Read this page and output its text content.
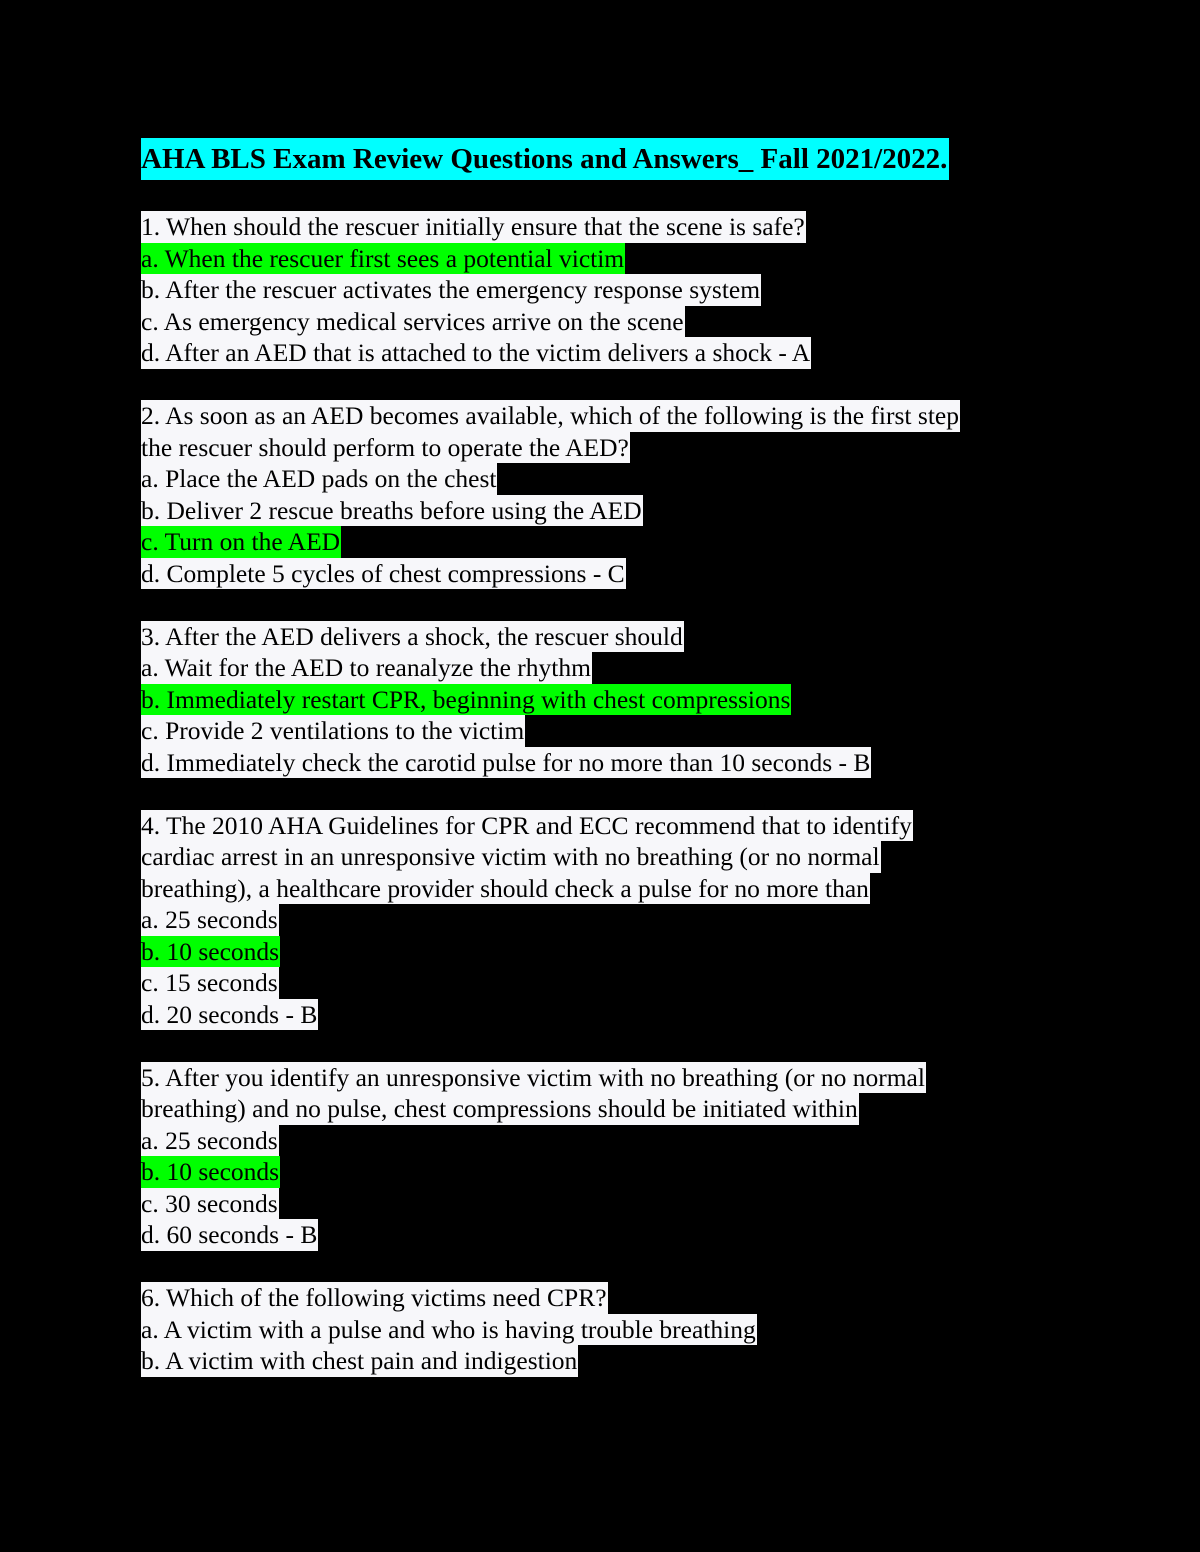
AHA BLS Exam Review Questions and Answers_ Fall 2021/2022.
1. When should the rescuer initially ensure that the scene is safe?
a. When the rescuer first sees a potential victim
b. After the rescuer activates the emergency response system
c. As emergency medical services arrive on the scene
d. After an AED that is attached to the victim delivers a shock - A
2. As soon as an AED becomes available, which of the following is the first step
the rescuer should perform to operate the AED?
a. Place the AED pads on the chest
b. Deliver 2 rescue breaths before using the AED
c. Turn on the AED
d. Complete 5 cycles of chest compressions - C
3. After the AED delivers a shock, the rescuer should
a. Wait for the AED to reanalyze the rhythm
b. Immediately restart CPR, beginning with chest compressions
c. Provide 2 ventilations to the victim
d. Immediately check the carotid pulse for no more than 10 seconds - B
4. The 2010 AHA Guidelines for CPR and ECC recommend that to identify
cardiac arrest in an unresponsive victim with no breathing (or no normal
breathing), a healthcare provider should check a pulse for no more than
a. 25 seconds
b. 10 seconds
c. 15 seconds
d. 20 seconds - B
5. After you identify an unresponsive victim with no breathing (or no normal
breathing) and no pulse, chest compressions should be initiated within
a. 25 seconds
b. 10 seconds
c. 30 seconds
d. 60 seconds - B
6. Which of the following victims need CPR?
a. A victim with a pulse and who is having trouble breathing
b. A victim with chest pain and indigestion
